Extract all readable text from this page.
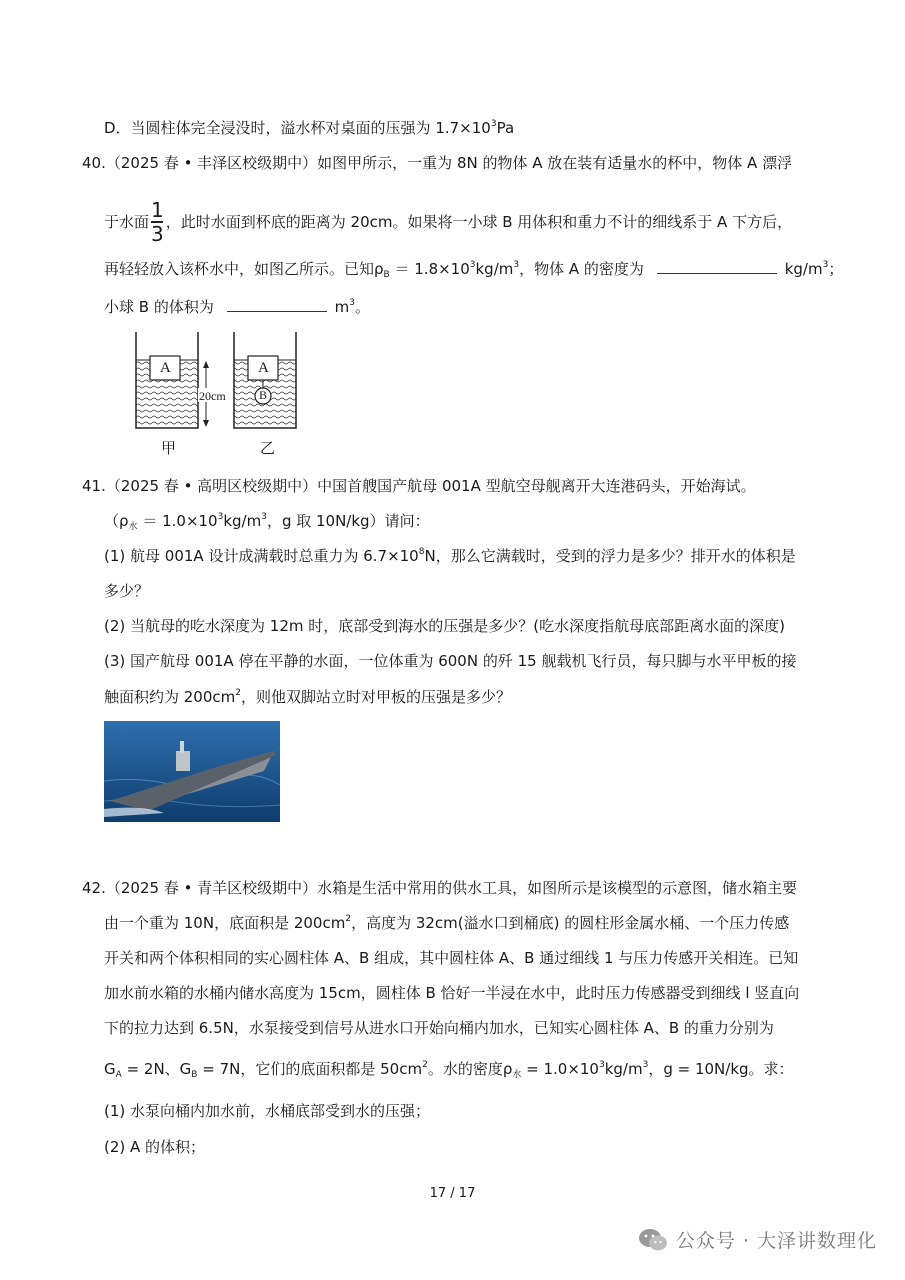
D．当圆柱体完全浸没时，溢水杯对桌面的压强为 $1.7\times 10^3Pa$
40.（2025 春 • 丰泽区校级期中）如图甲所示，一重为 8N 的物体 A 放在装有适量水的杯中，物体 A 漂浮
于水面 $\frac{1}{3}$ ，此时水面到杯底的距离为 20cm。如果将一小球 B 用体积和重力不计的细线系于 A 下方后，
再轻轻放入该杯水中，如图乙所示。已知$\rho_B = 1.8\times 10^3kg/m^3$，物体 A 的密度为	$kg/m^3$；
小球 B 的体积为	$m^3$。
A	A
B
20cm
甲	乙
41.（2025 春 • 高明区校级期中）中国首艘国产航母 001A 型航空母舰离开大连港码头，开始海试。
（$\rho_水 = 1.0\times 10^3kg/m^3$，g 取 10N/kg）请问：
(1) 航母 001A 设计成满载时总重力为 $6.7\times 10^8N$，那么它满载时，受到的浮力是多少？排开水的体积是
多少？
(2) 当航母的吃水深度为 12m 时，底部受到海水的压强是多少？(吃水深度指航母底部距离水面的深度)
(3) 国产航母 001A 停在平静的水面，一位体重为 600N 的歼 15 舰载机飞行员，每只脚与水平甲板的接
触面积约为 $200cm^2$，则他双脚站立时对甲板的压强是多少？
42.（2025 春 • 青羊区校级期中）水箱是生活中常用的供水工具，如图所示是该模型的示意图，储水箱主要
由一个重为 10N，底面积是 $200cm^2$，高度为 32cm(溢水口到桶底) 的圆柱形金属水桶、一个压力传感
开关和两个体积相同的实心圆柱体 A、B 组成，其中圆柱体 A、B 通过细线 1 与压力传感开关相连。已知
加水前水箱的水桶内储水高度为 15cm，圆柱体 B 恰好一半浸在水中，此时压力传感器受到细线 l 竖直向
下的拉力达到 6.5N，水泵接受到信号从进水口开始向桶内加水，已知实心圆柱体 A、B 的重力分别为
$G_A = 2N$、$G_B = 7N$，它们的底面积都是 $50cm^2$。水的密度$\rho_水 = 1.0\times 10^3kg/m^3$，g = 10N/kg。求：
(1) 水泵向桶内加水前，水桶底部受到水的压强；
(2) A 的体积；
17 / 17
公众号 · 大泽讲数理化
